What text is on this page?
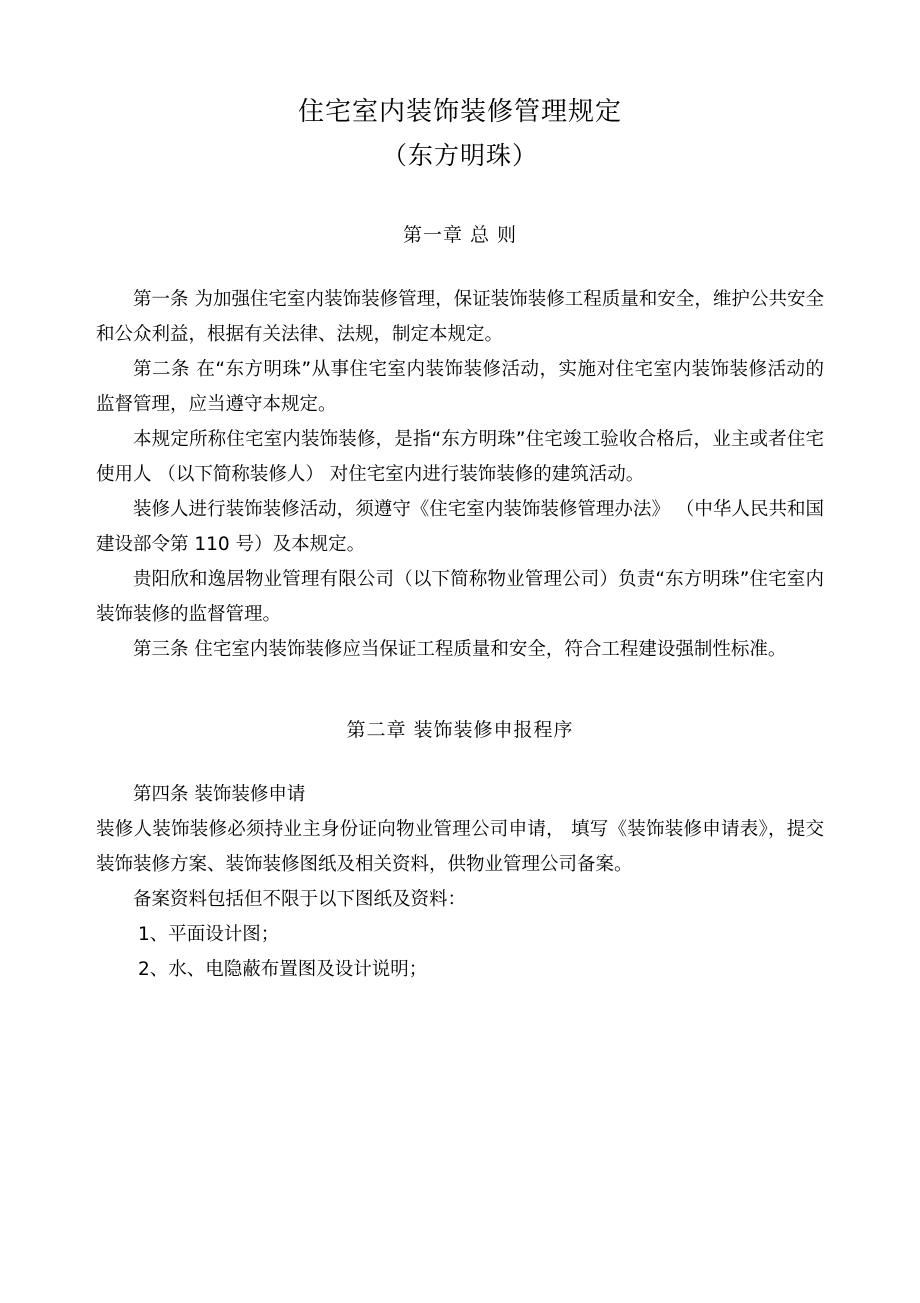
住宅室内装饰装修管理规定
（东方明珠）
第一章 总 则

第一条 为加强住宅室内装饰装修管理，保证装饰装修工程质量和安全，维护公共安全和公众利益，根据有关法律、法规，制定本规定。

第二条 在“东方明珠”从事住宅室内装饰装修活动，实施对住宅室内装饰装修活动的监督管理，应当遵守本规定。

本规定所称住宅室内装饰装修，是指“东方明珠”住宅竣工验收合格后，业主或者住宅使用人 （以下简称装修人） 对住宅室内进行装饰装修的建筑活动。

装修人进行装饰装修活动，须遵守《住宅室内装饰装修管理办法》 （中华人民共和国建设部令第 110 号）及本规定。

贵阳欣和逸居物业管理有限公司（以下简称物业管理公司）负责“东方明珠”住宅室内装饰装修的监督管理。

第三条 住宅室内装饰装修应当保证工程质量和安全，符合工程建设强制性标准。

第二章 装饰装修申报程序

第四条 装饰装修申请

装修人装饰装修必须持业主身份证向物业管理公司申请， 填写《装饰装修申请表》，提交装饰装修方案、装饰装修图纸及相关资料，供物业管理公司备案。

备案资料包括但不限于以下图纸及资料：

1、平面设计图；

2、水、电隐蔽布置图及设计说明；
